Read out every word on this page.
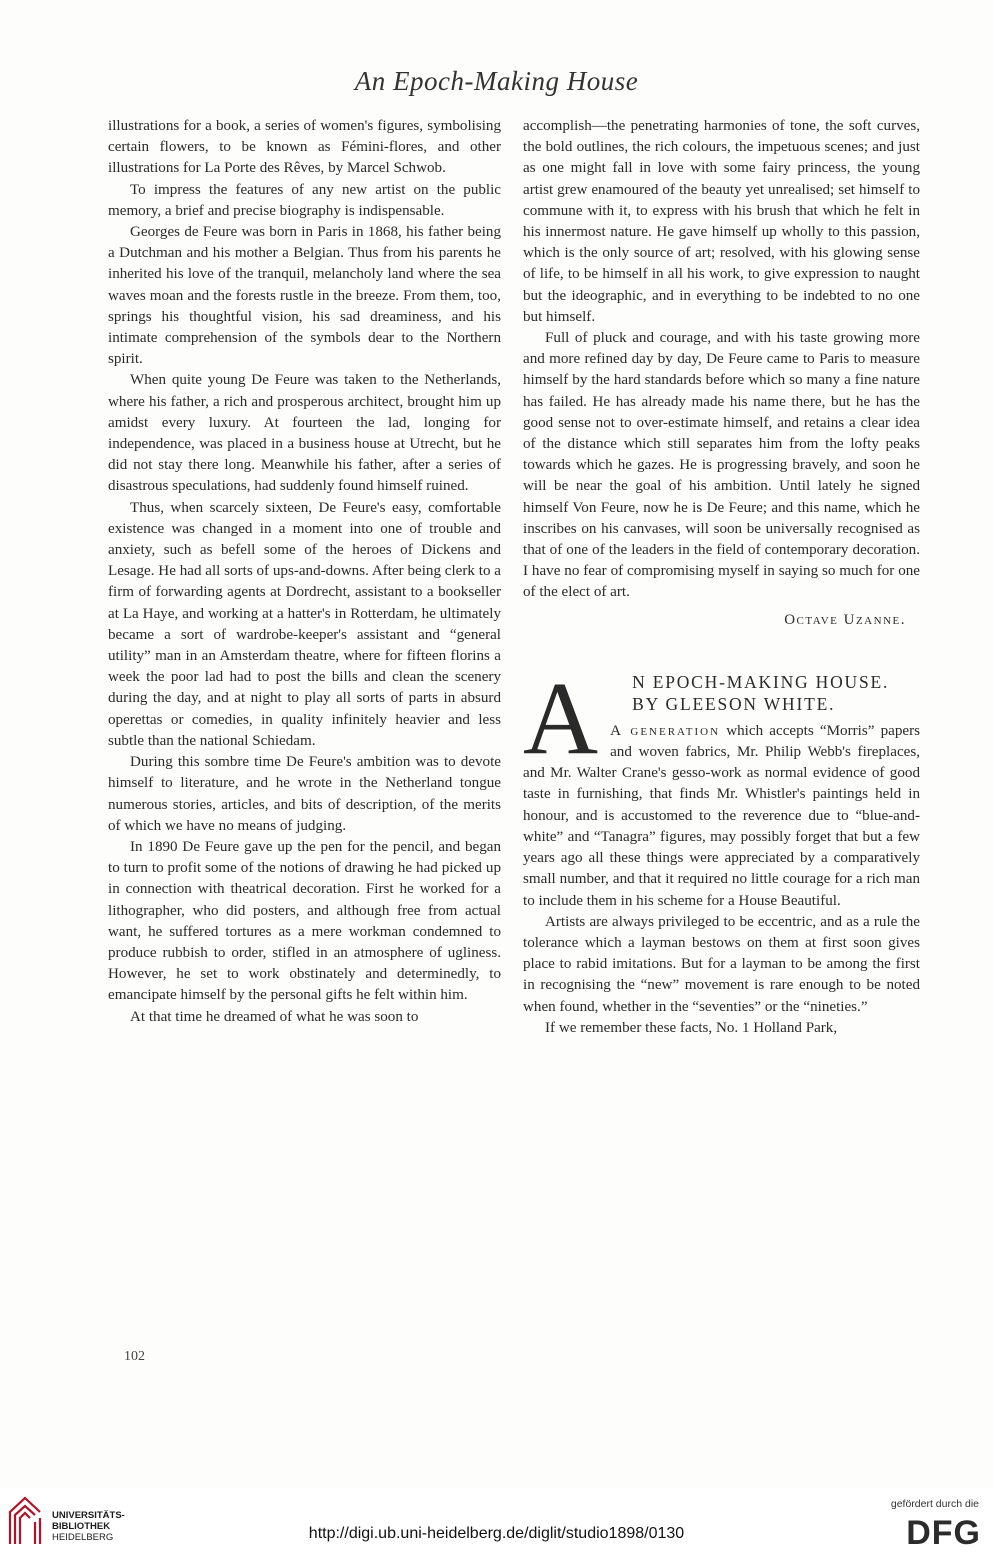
An Epoch-Making House

illustrations for a book, a series of women's figures, symbolising certain flowers, to be known as Fémini-flores, and other illustrations for La Porte des Rêves, by Marcel Schwob.

To impress the features of any new artist on the public memory, a brief and precise biography is indispensable.

Georges de Feure was born in Paris in 1868, his father being a Dutchman and his mother a Belgian. Thus from his parents he inherited his love of the tranquil, melancholy land where the sea waves moan and the forests rustle in the breeze. From them, too, springs his thoughtful vision, his sad dreaminess, and his intimate comprehension of the symbols dear to the Northern spirit.

When quite young De Feure was taken to the Netherlands, where his father, a rich and prosperous architect, brought him up amidst every luxury. At fourteen the lad, longing for independence, was placed in a business house at Utrecht, but he did not stay there long. Meanwhile his father, after a series of disastrous speculations, had suddenly found himself ruined.

Thus, when scarcely sixteen, De Feure's easy, comfortable existence was changed in a moment into one of trouble and anxiety, such as befell some of the heroes of Dickens and Lesage. He had all sorts of ups-and-downs. After being clerk to a firm of forwarding agents at Dordrecht, assistant to a bookseller at La Haye, and working at a hatter's in Rotterdam, he ultimately became a sort of wardrobe-keeper's assistant and “general utility” man in an Amsterdam theatre, where for fifteen florins a week the poor lad had to post the bills and clean the scenery during the day, and at night to play all sorts of parts in absurd operettas or comedies, in quality infinitely heavier and less subtle than the national Schiedam.

During this sombre time De Feure's ambition was to devote himself to literature, and he wrote in the Netherland tongue numerous stories, articles, and bits of description, of the merits of which we have no means of judging.

In 1890 De Feure gave up the pen for the pencil, and began to turn to profit some of the notions of drawing he had picked up in connection with theatrical decoration. First he worked for a lithographer, who did posters, and although free from actual want, he suffered tortures as a mere workman condemned to produce rubbish to order, stifled in an atmosphere of ugliness. However, he set to work obstinately and determinedly, to emancipate himself by the personal gifts he felt within him.

At that time he dreamed of what he was soon to

accomplish—the penetrating harmonies of tone, the soft curves, the bold outlines, the rich colours, the impetuous scenes; and just as one might fall in love with some fairy princess, the young artist grew enamoured of the beauty yet unrealised; set himself to commune with it, to express with his brush that which he felt in his innermost nature. He gave himself up wholly to this passion, which is the only source of art; resolved, with his glowing sense of life, to be himself in all his work, to give expression to naught but the ideographic, and in everything to be indebted to no one but himself.

Full of pluck and courage, and with his taste growing more and more refined day by day, De Feure came to Paris to measure himself by the hard standards before which so many a fine nature has failed. He has already made his name there, but he has the good sense not to over-estimate himself, and retains a clear idea of the distance which still separates him from the lofty peaks towards which he gazes. He is progressing bravely, and soon he will be near the goal of his ambition. Until lately he signed himself Von Feure, now he is De Feure; and this name, which he inscribes on his canvases, will soon be universally recognised as that of one of the leaders in the field of contemporary decoration. I have no fear of compromising myself in saying so much for one of the elect of art.

Octave Uzanne.
A	N EPOCH-MAKING HOUSE.

BY GLEESON WHITE.

A generation which accepts “Morris” papers and woven fabrics, Mr. Philip Webb's fireplaces, and Mr. Walter Crane's gesso-work as normal evidence of good taste in furnishing, that finds Mr. Whistler's paintings held in honour, and is accustomed to the reverence due to “blue-and-white” and “Tanagra” figures, may possibly forget that but a few years ago all these things were appreciated by a comparatively small number, and that it required no little courage for a rich man to include them in his scheme for a House Beautiful.

Artists are always privileged to be eccentric, and as a rule the tolerance which a layman bestows on them at first soon gives place to rabid imitations. But for a layman to be among the first in recognising the “new” movement is rare enough to be noted when found, whether in the “seventies” or the “nineties.”

If we remember these facts, No. 1 Holland Park,

102
UNIVERSITÄTS-
BIBLIOTHEK
HEIDELBERG	http://digi.ub.uni-heidelberg.de/diglit/studio1898/0130
gefördert durch die
DFG
